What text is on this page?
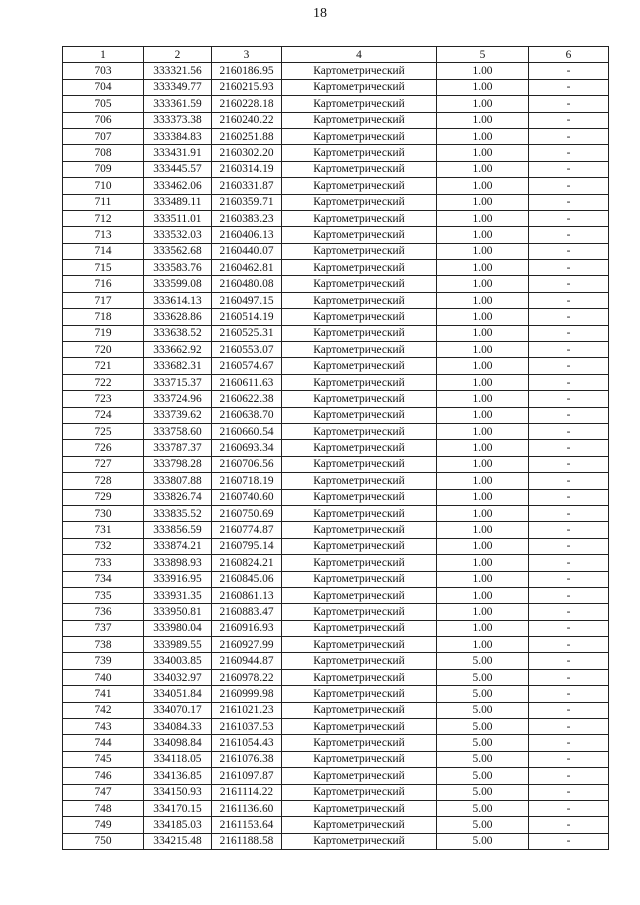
18
1	2	3	4	5	6
703	333321.56	2160186.95	Картометрический	1.00	-
704	333349.77	2160215.93	Картометрический	1.00	-
705	333361.59	2160228.18	Картометрический	1.00	-
706	333373.38	2160240.22	Картометрический	1.00	-
707	333384.83	2160251.88	Картометрический	1.00	-
708	333431.91	2160302.20	Картометрический	1.00	-
709	333445.57	2160314.19	Картометрический	1.00	-
710	333462.06	2160331.87	Картометрический	1.00	-
711	333489.11	2160359.71	Картометрический	1.00	-
712	333511.01	2160383.23	Картометрический	1.00	-
713	333532.03	2160406.13	Картометрический	1.00	-
714	333562.68	2160440.07	Картометрический	1.00	-
715	333583.76	2160462.81	Картометрический	1.00	-
716	333599.08	2160480.08	Картометрический	1.00	-
717	333614.13	2160497.15	Картометрический	1.00	-
718	333628.86	2160514.19	Картометрический	1.00	-
719	333638.52	2160525.31	Картометрический	1.00	-
720	333662.92	2160553.07	Картометрический	1.00	-
721	333682.31	2160574.67	Картометрический	1.00	-
722	333715.37	2160611.63	Картометрический	1.00	-
723	333724.96	2160622.38	Картометрический	1.00	-
724	333739.62	2160638.70	Картометрический	1.00	-
725	333758.60	2160660.54	Картометрический	1.00	-
726	333787.37	2160693.34	Картометрический	1.00	-
727	333798.28	2160706.56	Картометрический	1.00	-
728	333807.88	2160718.19	Картометрический	1.00	-
729	333826.74	2160740.60	Картометрический	1.00	-
730	333835.52	2160750.69	Картометрический	1.00	-
731	333856.59	2160774.87	Картометрический	1.00	-
732	333874.21	2160795.14	Картометрический	1.00	-
733	333898.93	2160824.21	Картометрический	1.00	-
734	333916.95	2160845.06	Картометрический	1.00	-
735	333931.35	2160861.13	Картометрический	1.00	-
736	333950.81	2160883.47	Картометрический	1.00	-
737	333980.04	2160916.93	Картометрический	1.00	-
738	333989.55	2160927.99	Картометрический	1.00	-
739	334003.85	2160944.87	Картометрический	5.00	-
740	334032.97	2160978.22	Картометрический	5.00	-
741	334051.84	2160999.98	Картометрический	5.00	-
742	334070.17	2161021.23	Картометрический	5.00	-
743	334084.33	2161037.53	Картометрический	5.00	-
744	334098.84	2161054.43	Картометрический	5.00	-
745	334118.05	2161076.38	Картометрический	5.00	-
746	334136.85	2161097.87	Картометрический	5.00	-
747	334150.93	2161114.22	Картометрический	5.00	-
748	334170.15	2161136.60	Картометрический	5.00	-
749	334185.03	2161153.64	Картометрический	5.00	-
750	334215.48	2161188.58	Картометрический	5.00	-
